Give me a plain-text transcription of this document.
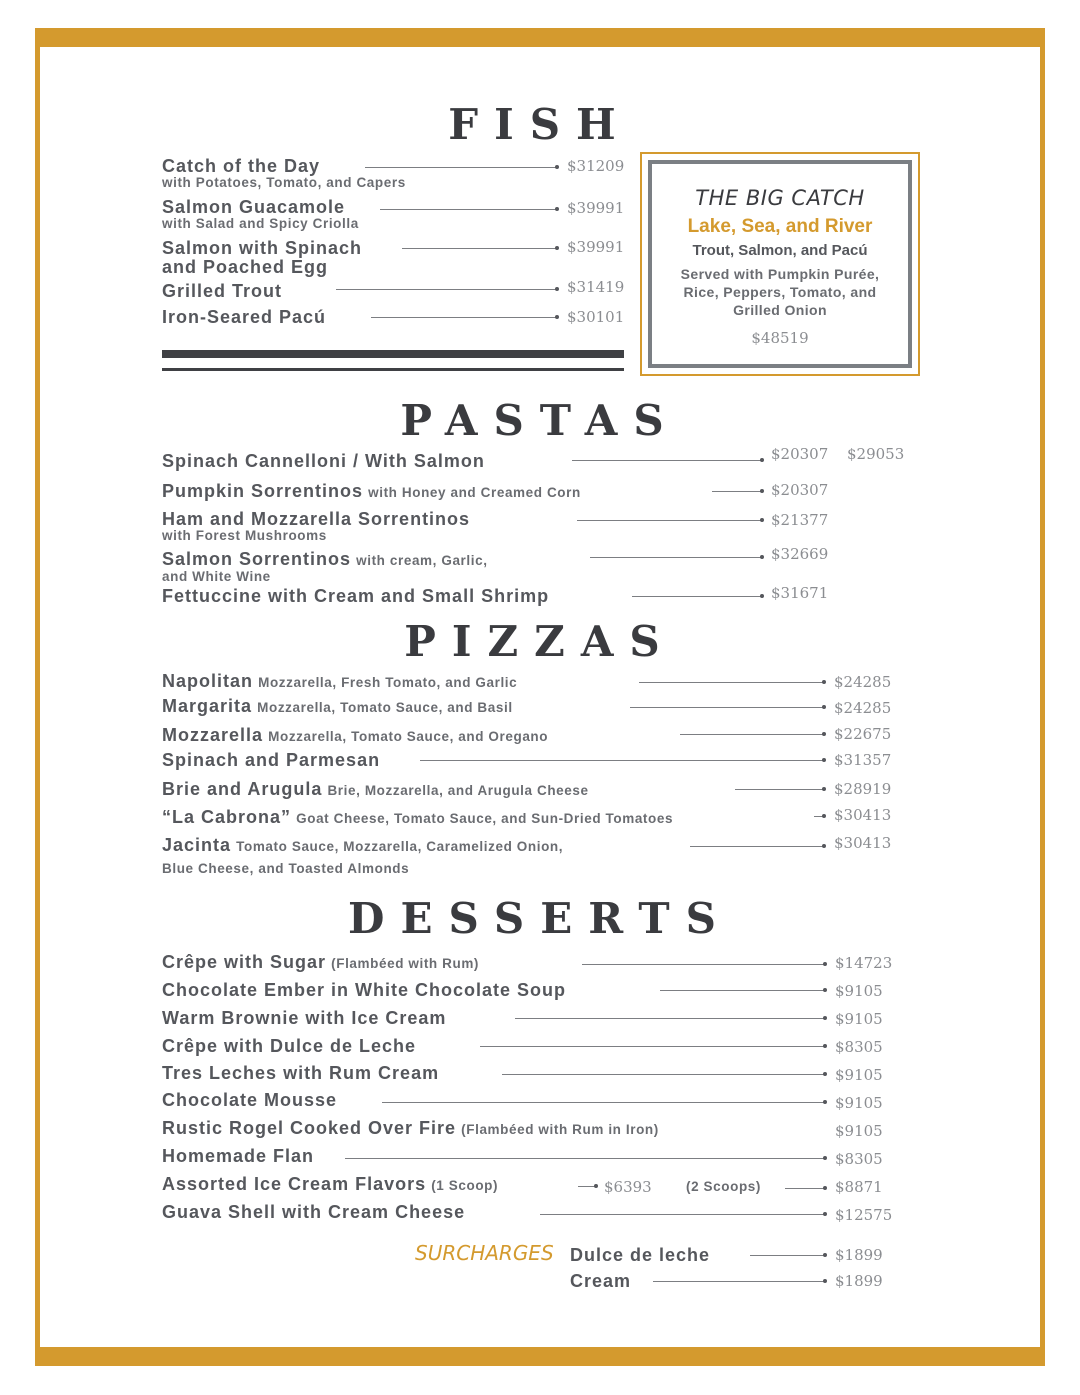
FISH
Catch of the Day
with Potatoes, Tomato, and Capers
$31209
Salmon Guacamole
with Salad and Spicy Criolla
$39991
Salmon with Spinach
and Poached Egg
$39991
Grilled Trout	$31419
Iron-Seared Pacú	$30101
THE BIG CATCH
Lake, Sea, and River
Trout, Salmon, and Pacú
Served with Pumpkin Purée, Rice, Peppers, Tomato, and Grilled Onion
$48519
PASTAS
Spinach Cannelloni / With Salmon	$20307 $29053
Pumpkin Sorrentinos with Honey and Creamed Corn	$20307
Ham and Mozzarella Sorrentinos
with Forest Mushrooms
$21377
Salmon Sorrentinos with cream, Garlic,
and White Wine
$32669
Fettuccine with Cream and Small Shrimp	$31671
PIZZAS
Napolitan Mozzarella, Fresh Tomato, and Garlic	$24285
Margarita Mozzarella, Tomato Sauce, and Basil	$24285
Mozzarella Mozzarella, Tomato Sauce, and Oregano	$22675
Spinach and Parmesan	$31357
Brie and Arugula Brie, Mozzarella, and Arugula Cheese	$28919
“La Cabrona” Goat Cheese, Tomato Sauce, and Sun-Dried Tomatoes	$30413
Jacinta Tomato Sauce, Mozzarella, Caramelized Onion,
Blue Cheese, and Toasted Almonds
$30413
DESSERTS
Crêpe with Sugar (Flambéed with Rum)	$14723
Chocolate Ember in White Chocolate Soup	$9105
Warm Brownie with Ice Cream	$9105
Crêpe with Dulce de Leche	$8305
Tres Leches with Rum Cream	$9105
Chocolate Mousse	$9105
Rustic Rogel Cooked Over Fire (Flambéed with Rum in Iron)	$9105
Homemade Flan	$8305
Assorted Ice Cream Flavors (1 Scoop)	$6393	(2 Scoops)	$8871
Guava Shell with Cream Cheese	$12575
SURCHARGES Dulce de leche	$1899
Cream	$1899
